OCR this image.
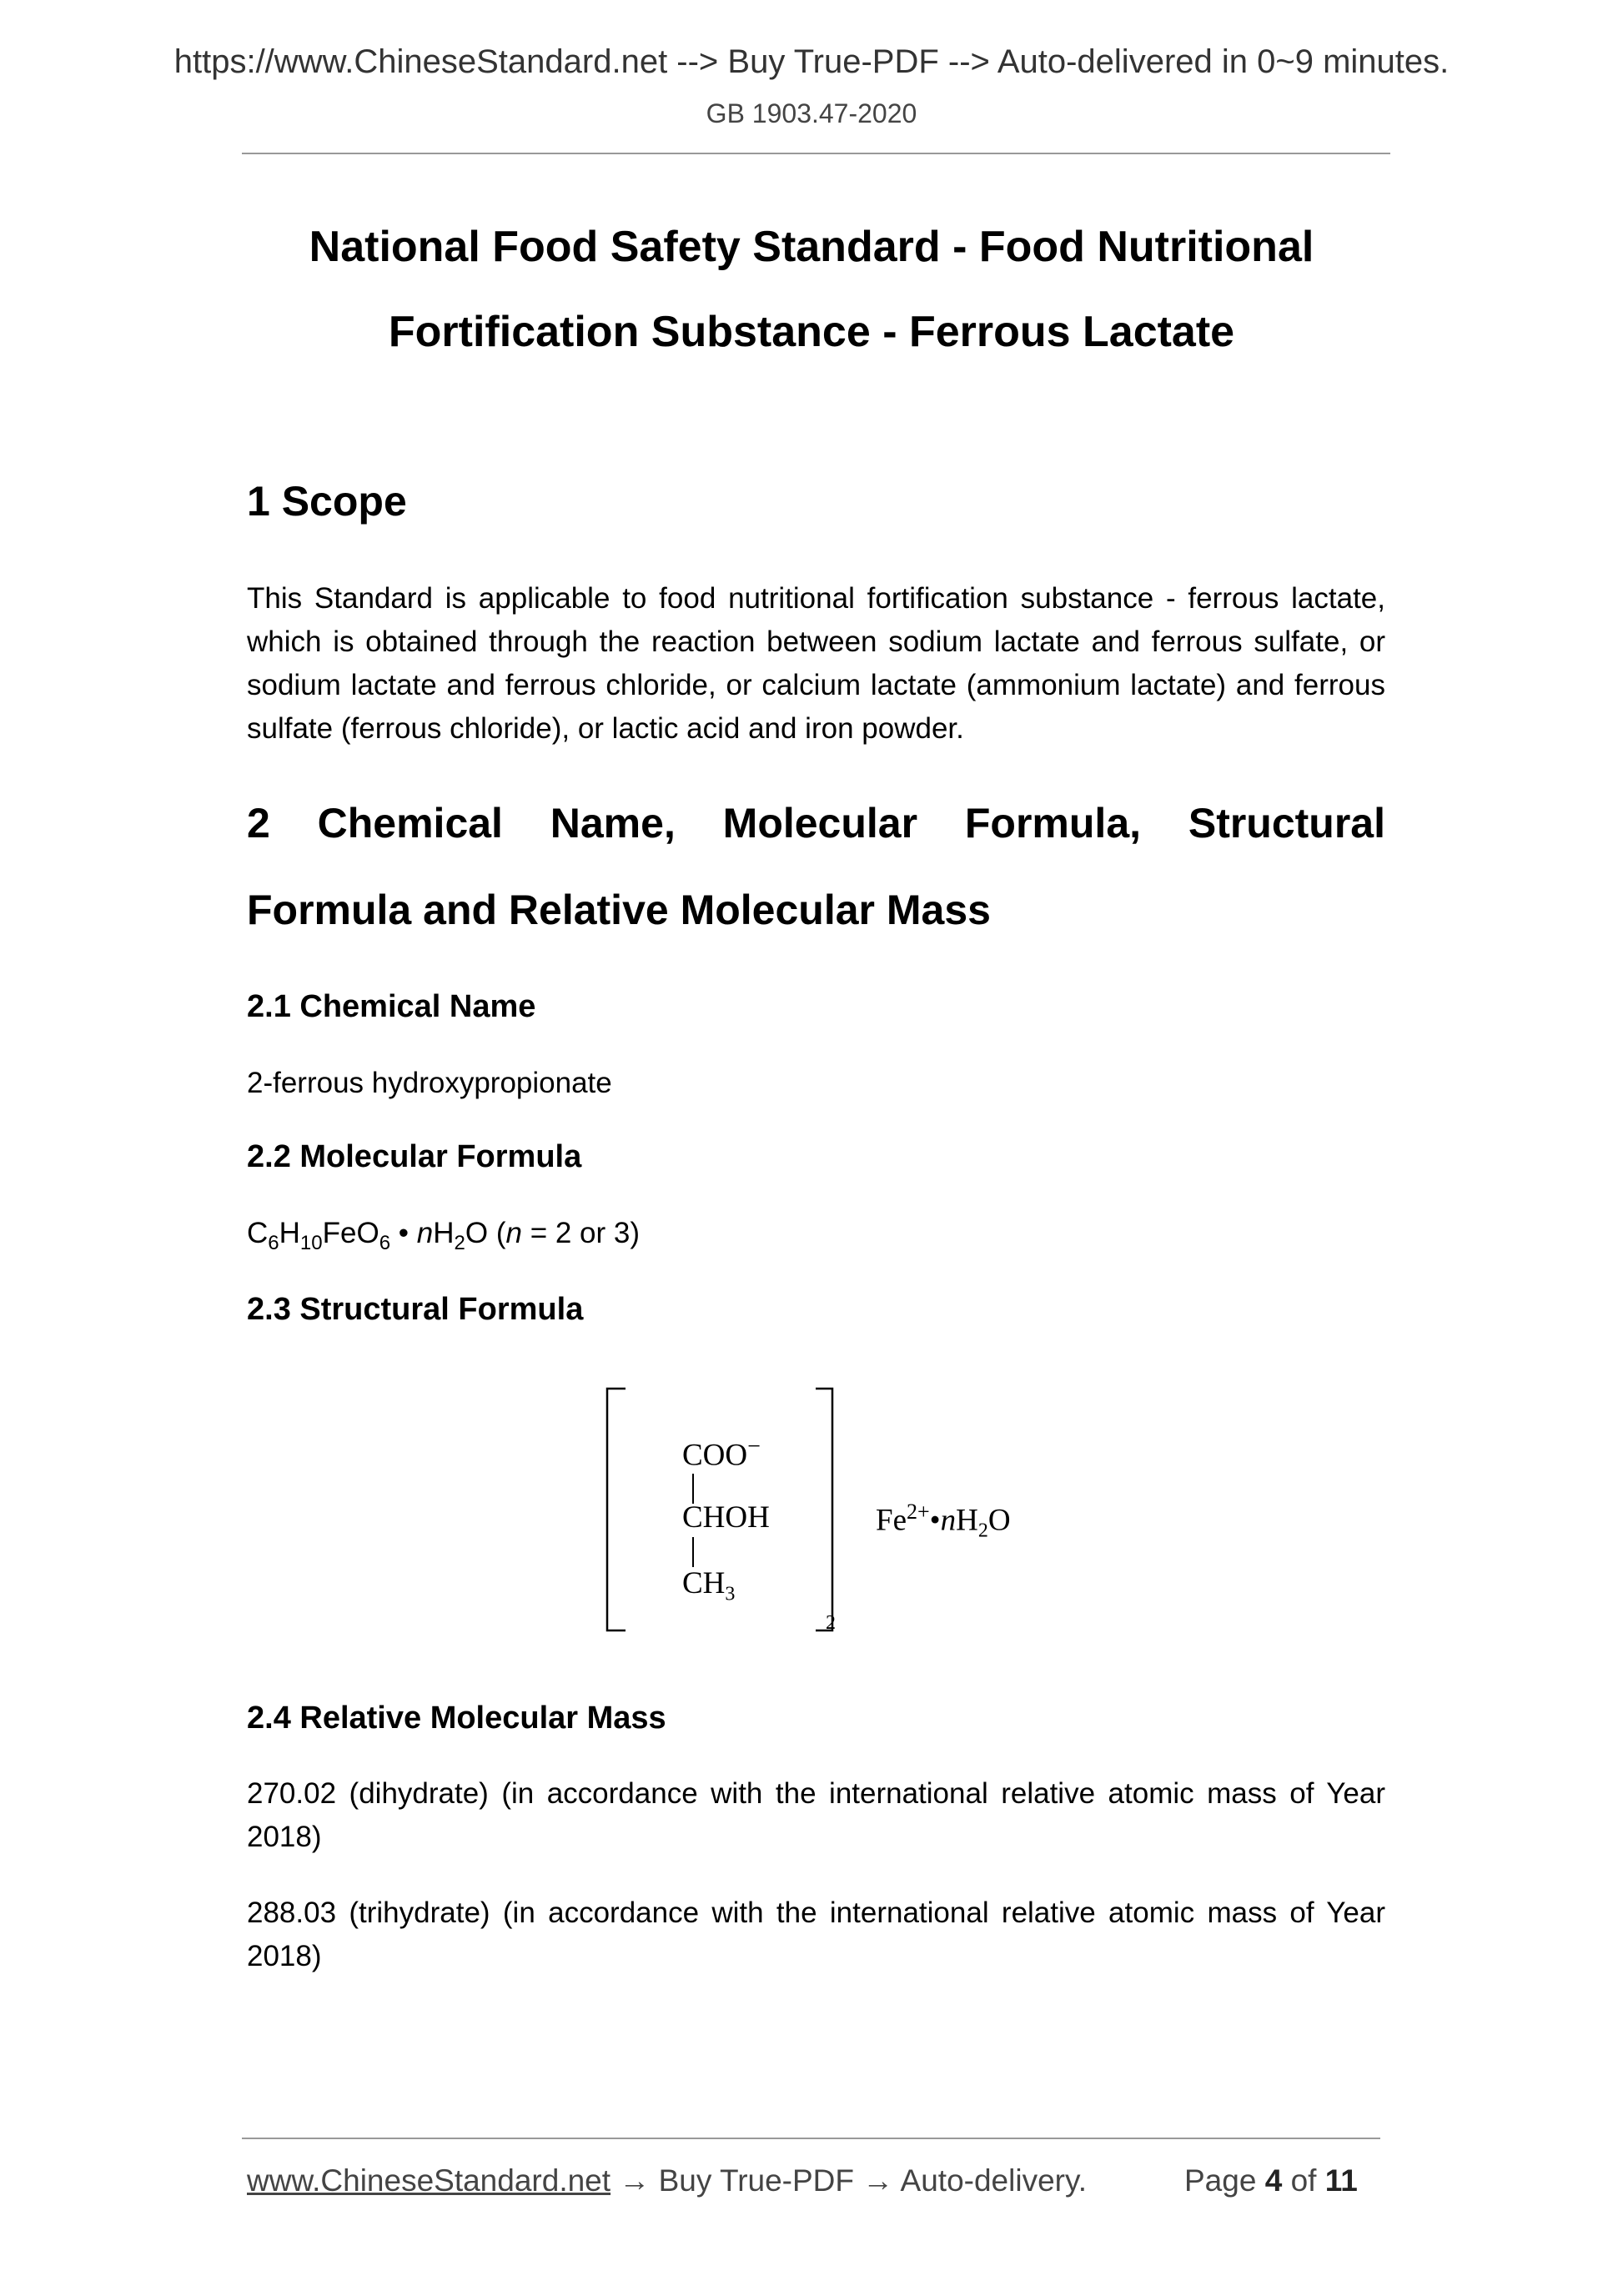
https://www.ChineseStandard.net --> Buy True-PDF --> Auto-delivered in 0~9 minutes.
GB 1903.47-2020
National Food Safety Standard - Food Nutritional
Fortification Substance - Ferrous Lactate
1 Scope
This Standard is applicable to food nutritional fortification substance - ferrous lactate, which is obtained through the reaction between sodium lactate and ferrous sulfate, or sodium lactate and ferrous chloride, or calcium lactate (ammonium lactate) and ferrous sulfate (ferrous chloride), or lactic acid and iron powder.
2 Chemical Name, Molecular Formula, Structural
Formula and Relative Molecular Mass
2.1 Chemical Name
2-ferrous hydroxypropionate
2.2 Molecular Formula
$C_6H_{10}FeO_6$ • $nH_2O$ (n = 2 or 3)
2.3 Structural Formula
COO−
CHOH
$CH_3$
2
$Fe^{2+}•nH_2O$
2.4 Relative Molecular Mass
270.02 (dihydrate) (in accordance with the international relative atomic mass of Year
2018)
288.03 (trihydrate) (in accordance with the international relative atomic mass of Year
2018)
www.ChineseStandard.net → Buy True-PDF → Auto-delivery.	Page 4 of 11
